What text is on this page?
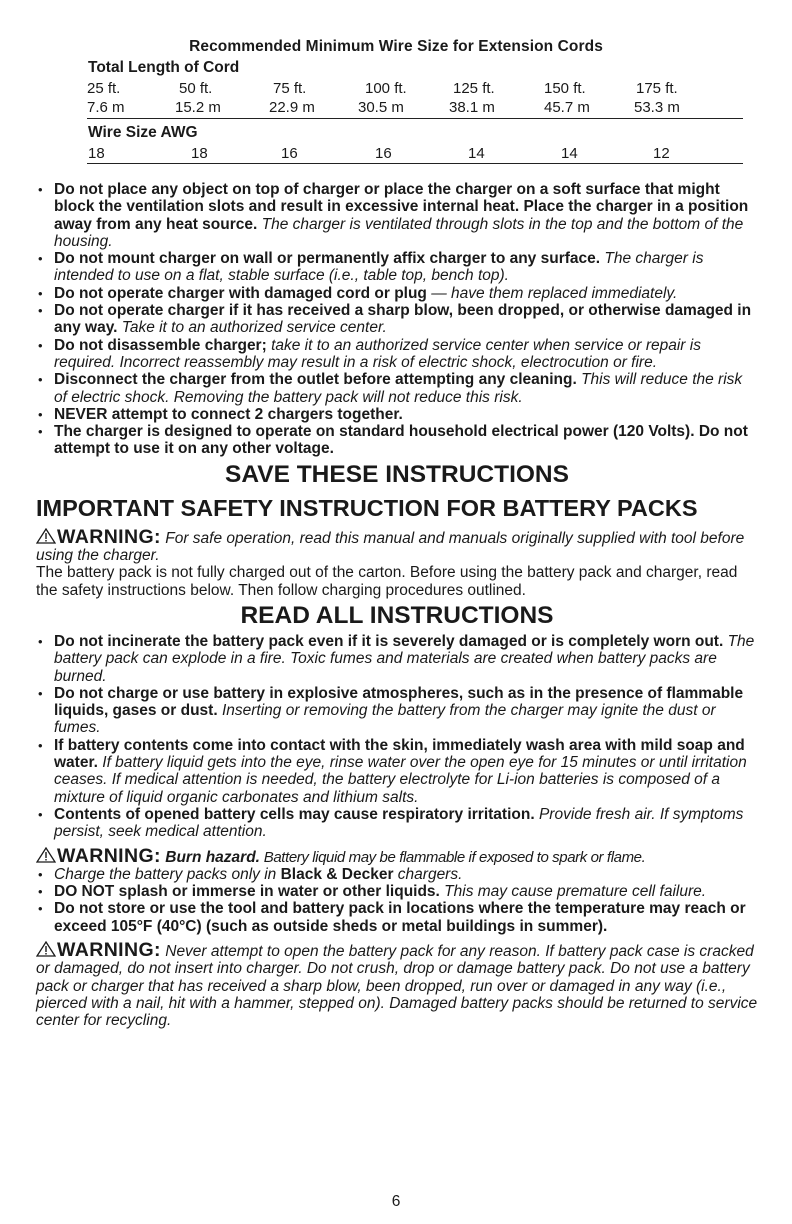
Recommended Minimum Wire Size for Extension Cords
Total Length of Cord
25 ft.	50 ft.	75 ft.	100 ft.	125 ft.	150 ft.	175 ft.
7.6 m	15.2 m	22.9 m	30.5 m	38.1 m	45.7 m	53.3 m
Wire Size AWG
18	18	16	16	14	14	12
• Do not place any object on top of charger or place the charger on a soft surface that might block the ventilation slots and result in excessive internal heat. Place the charger in a position away from any heat source. The charger is ventilated through slots in the top and the bottom of the housing.
• Do not mount charger on wall or permanently affix charger to any surface. The charger is intended to use on a flat, stable surface (i.e., table top, bench top).
• Do not operate charger with damaged cord or plug — have them replaced immediately.
• Do not operate charger if it has received a sharp blow, been dropped, or otherwise damaged in any way. Take it to an authorized service center.
• Do not disassemble charger; take it to an authorized service center when service or repair is required. Incorrect reassembly may result in a risk of electric shock, electrocution or fire.
• Disconnect the charger from the outlet before attempting any cleaning. This will reduce the risk of electric shock. Removing the battery pack will not reduce this risk.
• NEVER attempt to connect 2 chargers together.
• The charger is designed to operate on standard household electrical power (120 Volts). Do not attempt to use it on any other voltage.
SAVE THESE INSTRUCTIONS
IMPORTANT SAFETY INSTRUCTION FOR BATTERY PACKS

WARNING: For safe operation, read this manual and manuals originally supplied with tool before using the charger.

The battery pack is not fully charged out of the carton. Before using the battery pack and charger, read the safety instructions below. Then follow charging procedures outlined.

READ ALL INSTRUCTIONS
• Do not incinerate the battery pack even if it is severely damaged or is completely worn out. The battery pack can explode in a fire. Toxic fumes and materials are created when battery packs are burned.
• Do not charge or use battery in explosive atmospheres, such as in the presence of flammable liquids, gases or dust. Inserting or removing the battery from the charger may ignite the dust or fumes.
• If battery contents come into contact with the skin, immediately wash area with mild soap and water. If battery liquid gets into the eye, rinse water over the open eye for 15 minutes or until irritation ceases. If medical attention is needed, the battery electrolyte for Li-ion batteries is composed of a mixture of liquid organic carbonates and lithium salts.
• Contents of opened battery cells may cause respiratory irritation. Provide fresh air. If symptoms persist, seek medical attention.

WARNING: Burn hazard. Battery liquid may be flammable if exposed to spark or flame.

• Charge the battery packs only in Black & Decker chargers.
• DO NOT splash or immerse in water or other liquids. This may cause premature cell failure.
• Do not store or use the tool and battery pack in locations where the temperature may reach or exceed 105°F (40°C) (such as outside sheds or metal buildings in summer).

WARNING: Never attempt to open the battery pack for any reason. If battery pack case is cracked or damaged, do not insert into charger. Do not crush, drop or damage battery pack. Do not use a battery pack or charger that has received a sharp blow, been dropped, run over or damaged in any way (i.e., pierced with a nail, hit with a hammer, stepped on). Damaged battery packs should be returned to service center for recycling.

6
